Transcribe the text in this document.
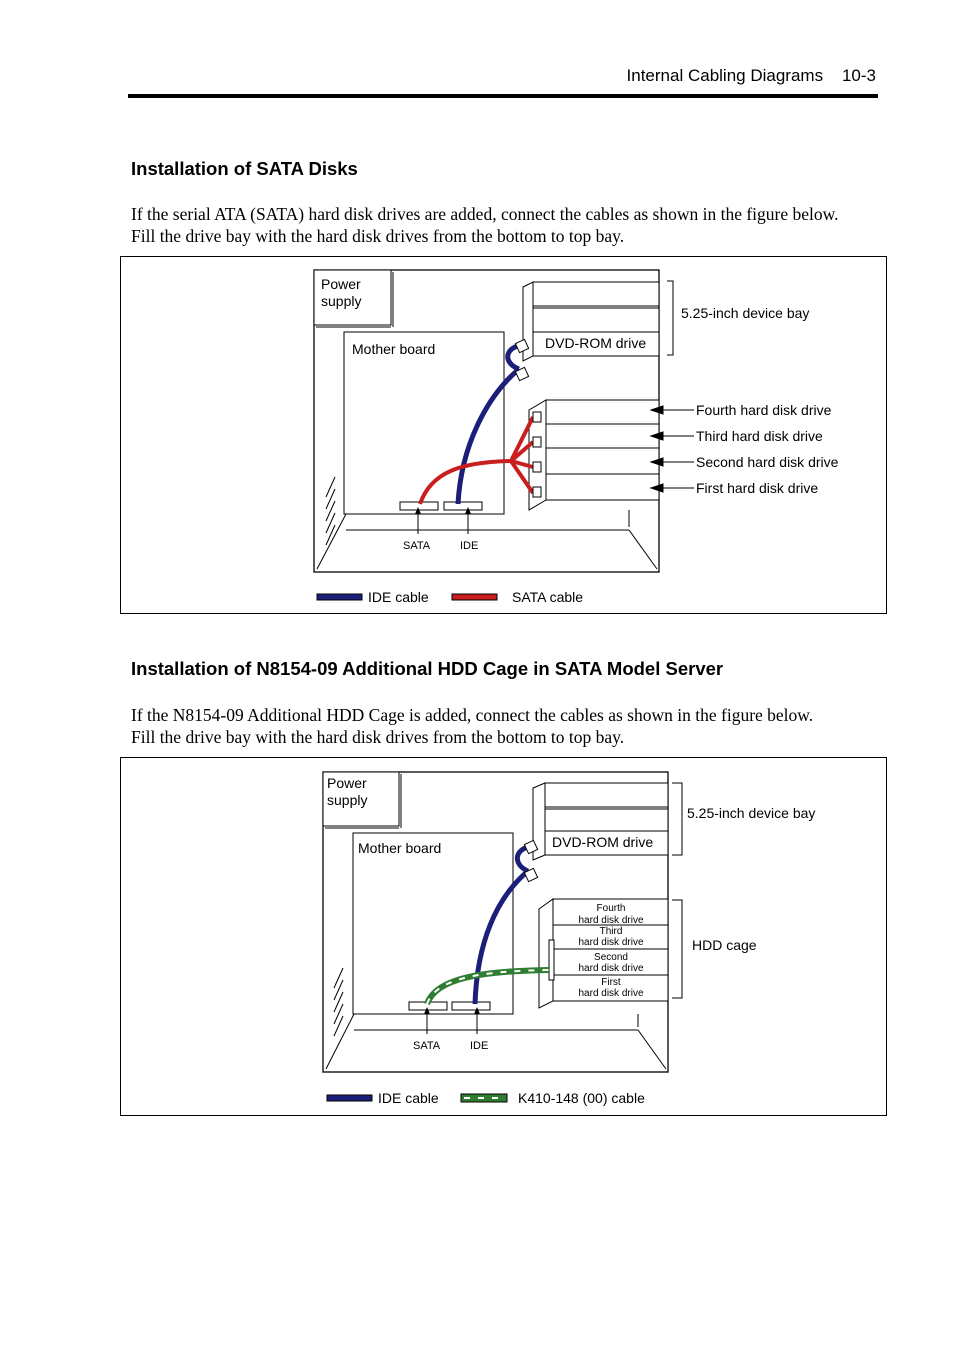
Internal Cabling Diagrams    10-3
Installation of SATA Disks

If the serial ATA (SATA) hard disk drives are added, connect the cables as shown in the figure below.

Fill the drive bay with the hard disk drives from the bottom to top bay.

Power
supply
Mother board
SATA	IDE
DVD-ROM drive
5.25-inch device bay
Fourth hard disk drive
Third hard disk drive
Second hard disk drive
First hard disk drive
IDE cable	SATA cable
Installation of N8154-09 Additional HDD Cage in SATA Model Server

If the N8154-09 Additional HDD Cage is added, connect the cables as shown in the figure below.

Fill the drive bay with the hard disk drives from the bottom to top bay.

Power
supply
Mother board
SATA	IDE
DVD-ROM drive
5.25-inch device bay
Fourth
hard disk drive
Third
hard disk drive
Second
hard disk drive
First
hard disk drive
HDD cage
IDE cable	K410-148 (00) cable
